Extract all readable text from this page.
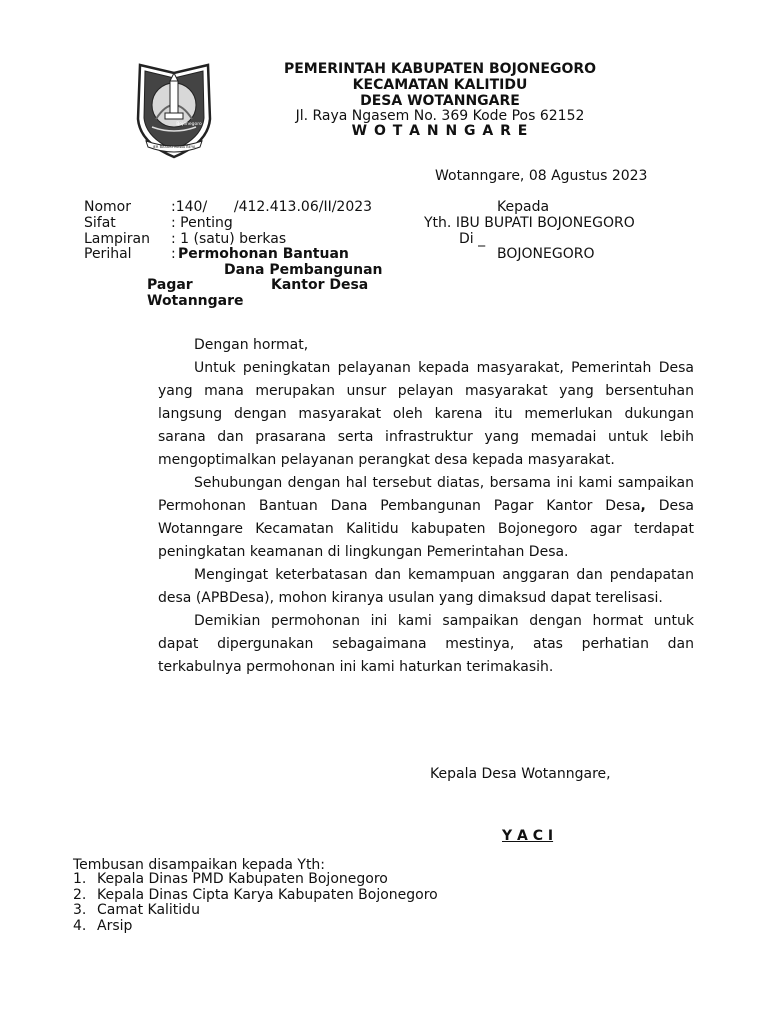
Bojonegoro
JER BASUKI MAWA BEYA
PEMERINTAH KABUPATEN BOJONEGORO
KECAMATAN KALITIDU
DESA WOTANNGARE
Jl. Raya Ngasem No. 369 Kode Pos 62152
W O T A N N G A R E
Wotanngare, 08 Agustus 2023
Nomor	:140/      /412.413.06/II/2023
Sifat	: Penting
Lampiran : 1 (satu) berkas
Perihal	: Permohonan Bantuan
Dana Pembangunan
Pagar	Kantor Desa
Wotanngare
Kepada
Yth. IBU BUPATI BOJONEGORO
Di _
BOJONEGORO

Dengan hormat,

Untuk peningkatan pelayanan kepada masyarakat, Pemerintah Desa yang mana merupakan unsur pelayan masyarakat yang bersentuhan langsung dengan masyarakat oleh karena itu memerlukan dukungan sarana dan prasarana serta infrastruktur yang memadai untuk lebih mengoptimalkan pelayanan perangkat desa kepada masyarakat.

Sehubungan dengan hal tersebut diatas, bersama ini kami sampaikan Permohonan Bantuan Dana Pembangunan Pagar Kantor Desa, Desa Wotanngare Kecamatan Kalitidu kabupaten Bojonegoro agar terdapat peningkatan keamanan di lingkungan Pemerintahan Desa.

Mengingat keterbatasan dan kemampuan anggaran dan pendapatan desa (APBDesa), mohon kiranya usulan yang dimaksud dapat terelisasi.

Demikian permohonan ini kami sampaikan dengan hormat untuk dapat dipergunakan sebagaimana mestinya, atas perhatian dan terkabulnya permohonan ini kami haturkan terimakasih.

Kepala Desa Wotanngare,
Y A C I
Tembusan disampaikan kepada Yth:
1. Kepala Dinas PMD Kabupaten Bojonegoro
2. Kepala Dinas Cipta Karya Kabupaten Bojonegoro
3. Camat Kalitidu
4. Arsip
